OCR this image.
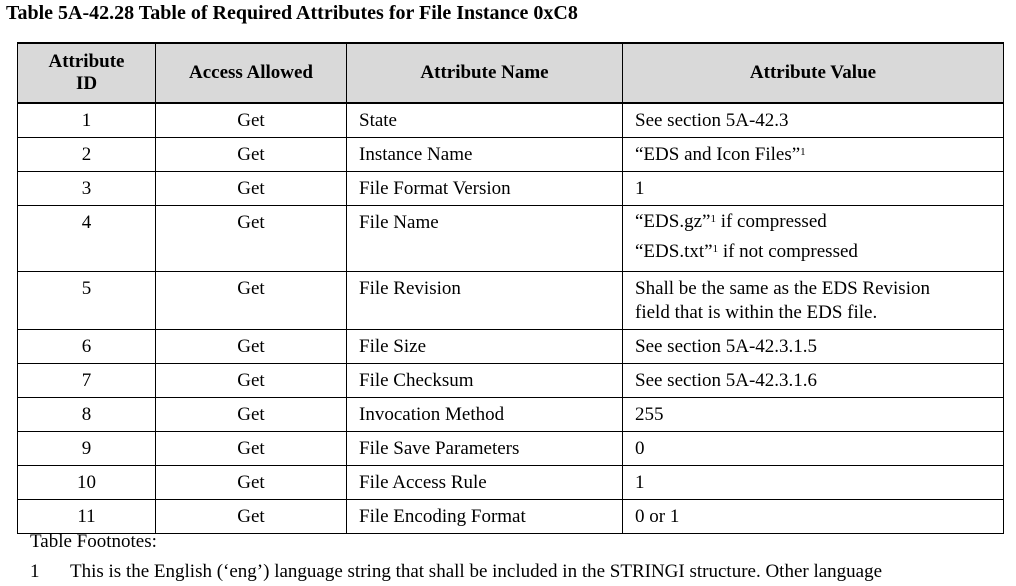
Table 5A-42.28 Table of Required Attributes for File Instance 0xC8
Attribute
ID	Access Allowed	Attribute Name	Attribute Value
1	Get	State	See section 5A-42.3
2	Get	Instance Name	“EDS and Icon Files”$^1$
3	Get	File Format Version	1
4	Get	File Name	“EDS.gz”$^1$ if compressed
“EDS.txt”$^1$ if not compressed

5	Get	File Revision	Shall be the same as the EDS Revision
field that is within the EDS file.

6	Get	File Size	See section 5A-42.3.1.5
7	Get	File Checksum	See section 5A-42.3.1.6
8	Get	Invocation Method	255
9	Get	File Save Parameters	0
10	Get	File Access Rule	1
11	Get	File Encoding Format	0 or 1
Table Footnotes:
1 This is the English (‘eng’) language string that shall be included in the STRINGI structure. Other language
